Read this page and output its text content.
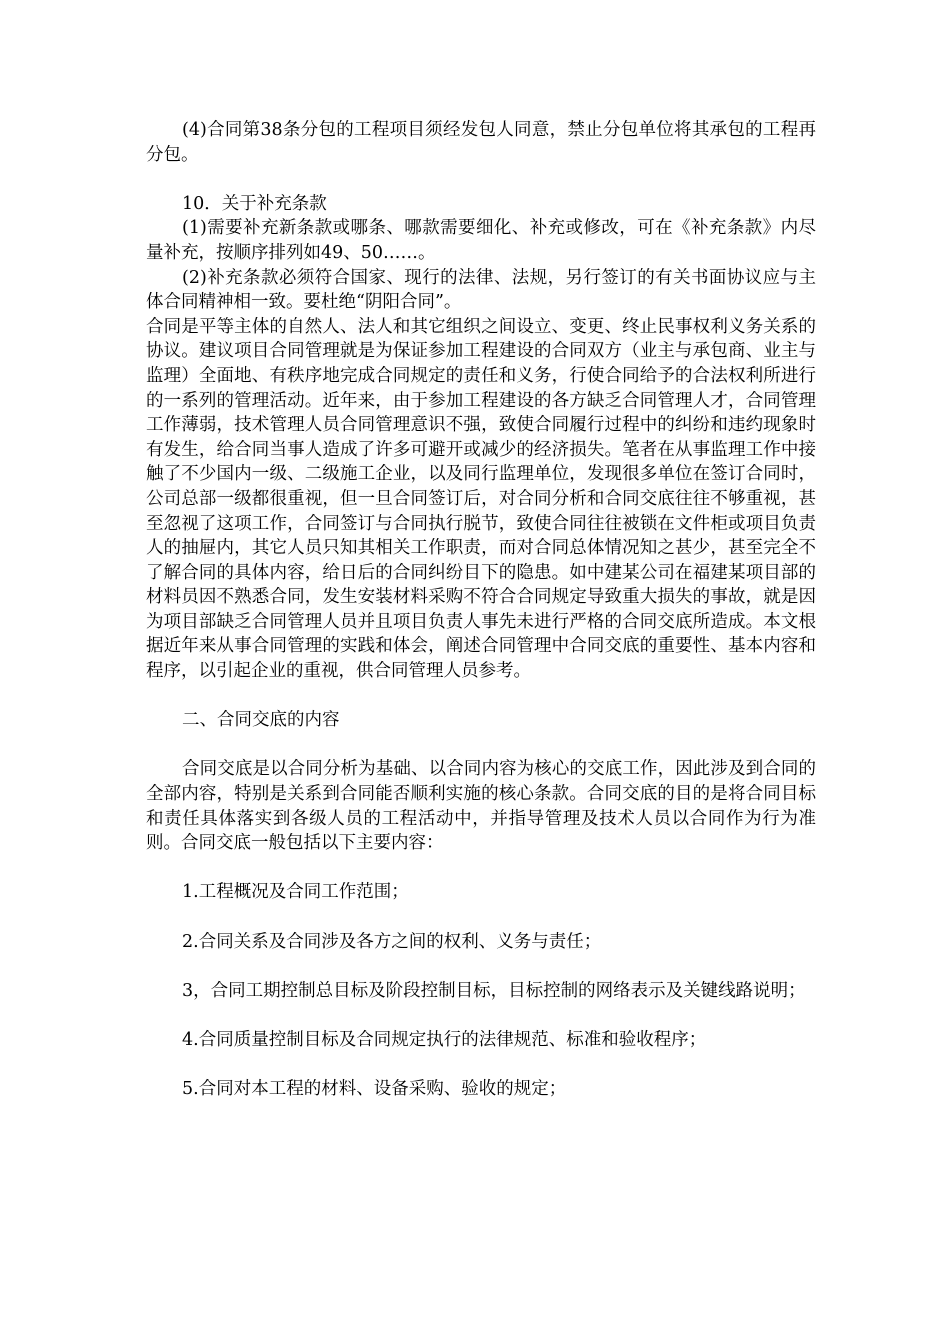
(4)合同第38条分包的工程项目须经发包人同意，禁止分包单位将其承包的工程再分包。

10．关于补充条款

(1)需要补充新条款或哪条、哪款需要细化、补充或修改，可在《补充条款》内尽量补充，按顺序排列如49、50……。

(2)补充条款必须符合国家、现行的法律、法规，另行签订的有关书面协议应与主体合同精神相一致。要杜绝“阴阳合同”。

合同是平等主体的自然人、法人和其它组织之间设立、变更、终止民事权利义务关系的协议。建议项目合同管理就是为保证参加工程建设的合同双方（业主与承包商、业主与监理）全面地、有秩序地完成合同规定的责任和义务，行使合同给予的合法权利所进行的一系列的管理活动。近年来，由于参加工程建设的各方缺乏合同管理人才，合同管理工作薄弱，技术管理人员合同管理意识不强，致使合同履行过程中的纠纷和违约现象时有发生，给合同当事人造成了许多可避开或减少的经济损失。笔者在从事监理工作中接触了不少国内一级、二级施工企业，以及同行监理单位，发现很多单位在签订合同时，公司总部一级都很重视，但一旦合同签订后，对合同分析和合同交底往往不够重视，甚至忽视了这项工作，合同签订与合同执行脱节，致使合同往往被锁在文件柜或项目负责人的抽屉内，其它人员只知其相关工作职责，而对合同总体情况知之甚少，甚至完全不了解合同的具体内容，给日后的合同纠纷目下的隐患。如中建某公司在福建某项目部的材料员因不熟悉合同，发生安装材料采购不符合合同规定导致重大损失的事故，就是因为项目部缺乏合同管理人员并且项目负责人事先未进行严格的合同交底所造成。本文根据近年来从事合同管理的实践和体会，阐述合同管理中合同交底的重要性、基本内容和程序，以引起企业的重视，供合同管理人员参考。

二、合同交底的内容

合同交底是以合同分析为基础、以合同内容为核心的交底工作，因此涉及到合同的全部内容，特别是关系到合同能否顺利实施的核心条款。合同交底的目的是将合同目标和责任具体落实到各级人员的工程活动中，并指导管理及技术人员以合同作为行为准则。合同交底一般包括以下主要内容：

1.工程概况及合同工作范围；

2.合同关系及合同涉及各方之间的权利、义务与责任；

3，合同工期控制总目标及阶段控制目标，目标控制的网络表示及关键线路说明；

4.合同质量控制目标及合同规定执行的法律规范、标准和验收程序；

5.合同对本工程的材料、设备采购、验收的规定；
